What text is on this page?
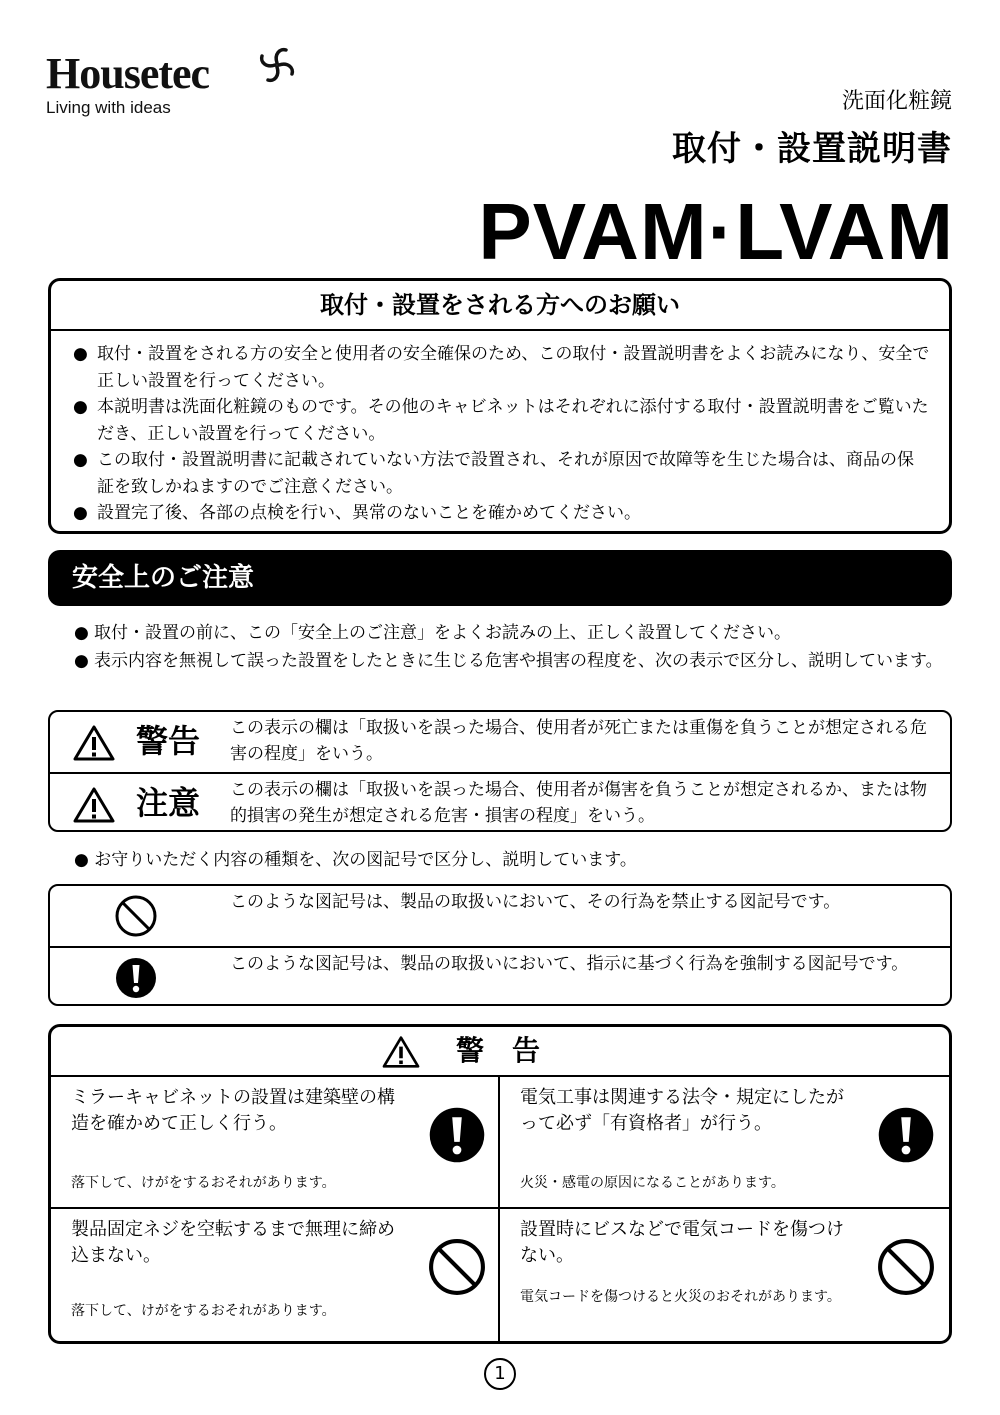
Housetec
Living with ideas	洗面化粧鏡
取付・設置説明書
PVAM·LVAM
取付・設置をされる方へのお願い
● 取付・設置をされる方の安全と使用者の安全確保のため、この取付・設置説明書をよくお読みになり、安全で正しい設置を行ってください。
● 本説明書は洗面化粧鏡のものです。その他のキャビネットはそれぞれに添付する取付・設置説明書をご覧いただき、正しい設置を行ってください。
● この取付・設置説明書に記載されていない方法で設置され、それが原因で故障等を生じた場合は、商品の保証を致しかねますのでご注意ください。
● 設置完了後、各部の点検を行い、異常のないことを確かめてください。
安全上のご注意
● 取付・設置の前に、この「安全上のご注意」をよくお読みの上、正しく設置してください。
● 表示内容を無視して誤った設置をしたときに生じる危害や損害の程度を、次の表示で区分し、説明しています。
警告 この表示の欄は「取扱いを誤った場合、使用者が死亡または重傷を負うことが想定される危害の程度」をいう。
注意 この表示の欄は「取扱いを誤った場合、使用者が傷害を負うことが想定されるか、または物的損害の発生が想定される危害・損害の程度」をいう。
● お守りいただく内容の種類を、次の図記号で区分し、説明しています。
このような図記号は、製品の取扱いにおいて、その行為を禁止する図記号です。
このような図記号は、製品の取扱いにおいて、指示に基づく行為を強制する図記号です。
警告
ミラーキャビネットの設置は建築壁の構造を確かめて正しく行う。
落下して、けがをするおそれがあります。
電気工事は関連する法令・規定にしたがって必ず「有資格者」が行う。
火災・感電の原因になることがあります。
製品固定ネジを空転するまで無理に締め込まない。
落下して、けがをするおそれがあります。
設置時にビスなどで電気コードを傷つけない。
電気コードを傷つけると火災のおそれがあります。
1
